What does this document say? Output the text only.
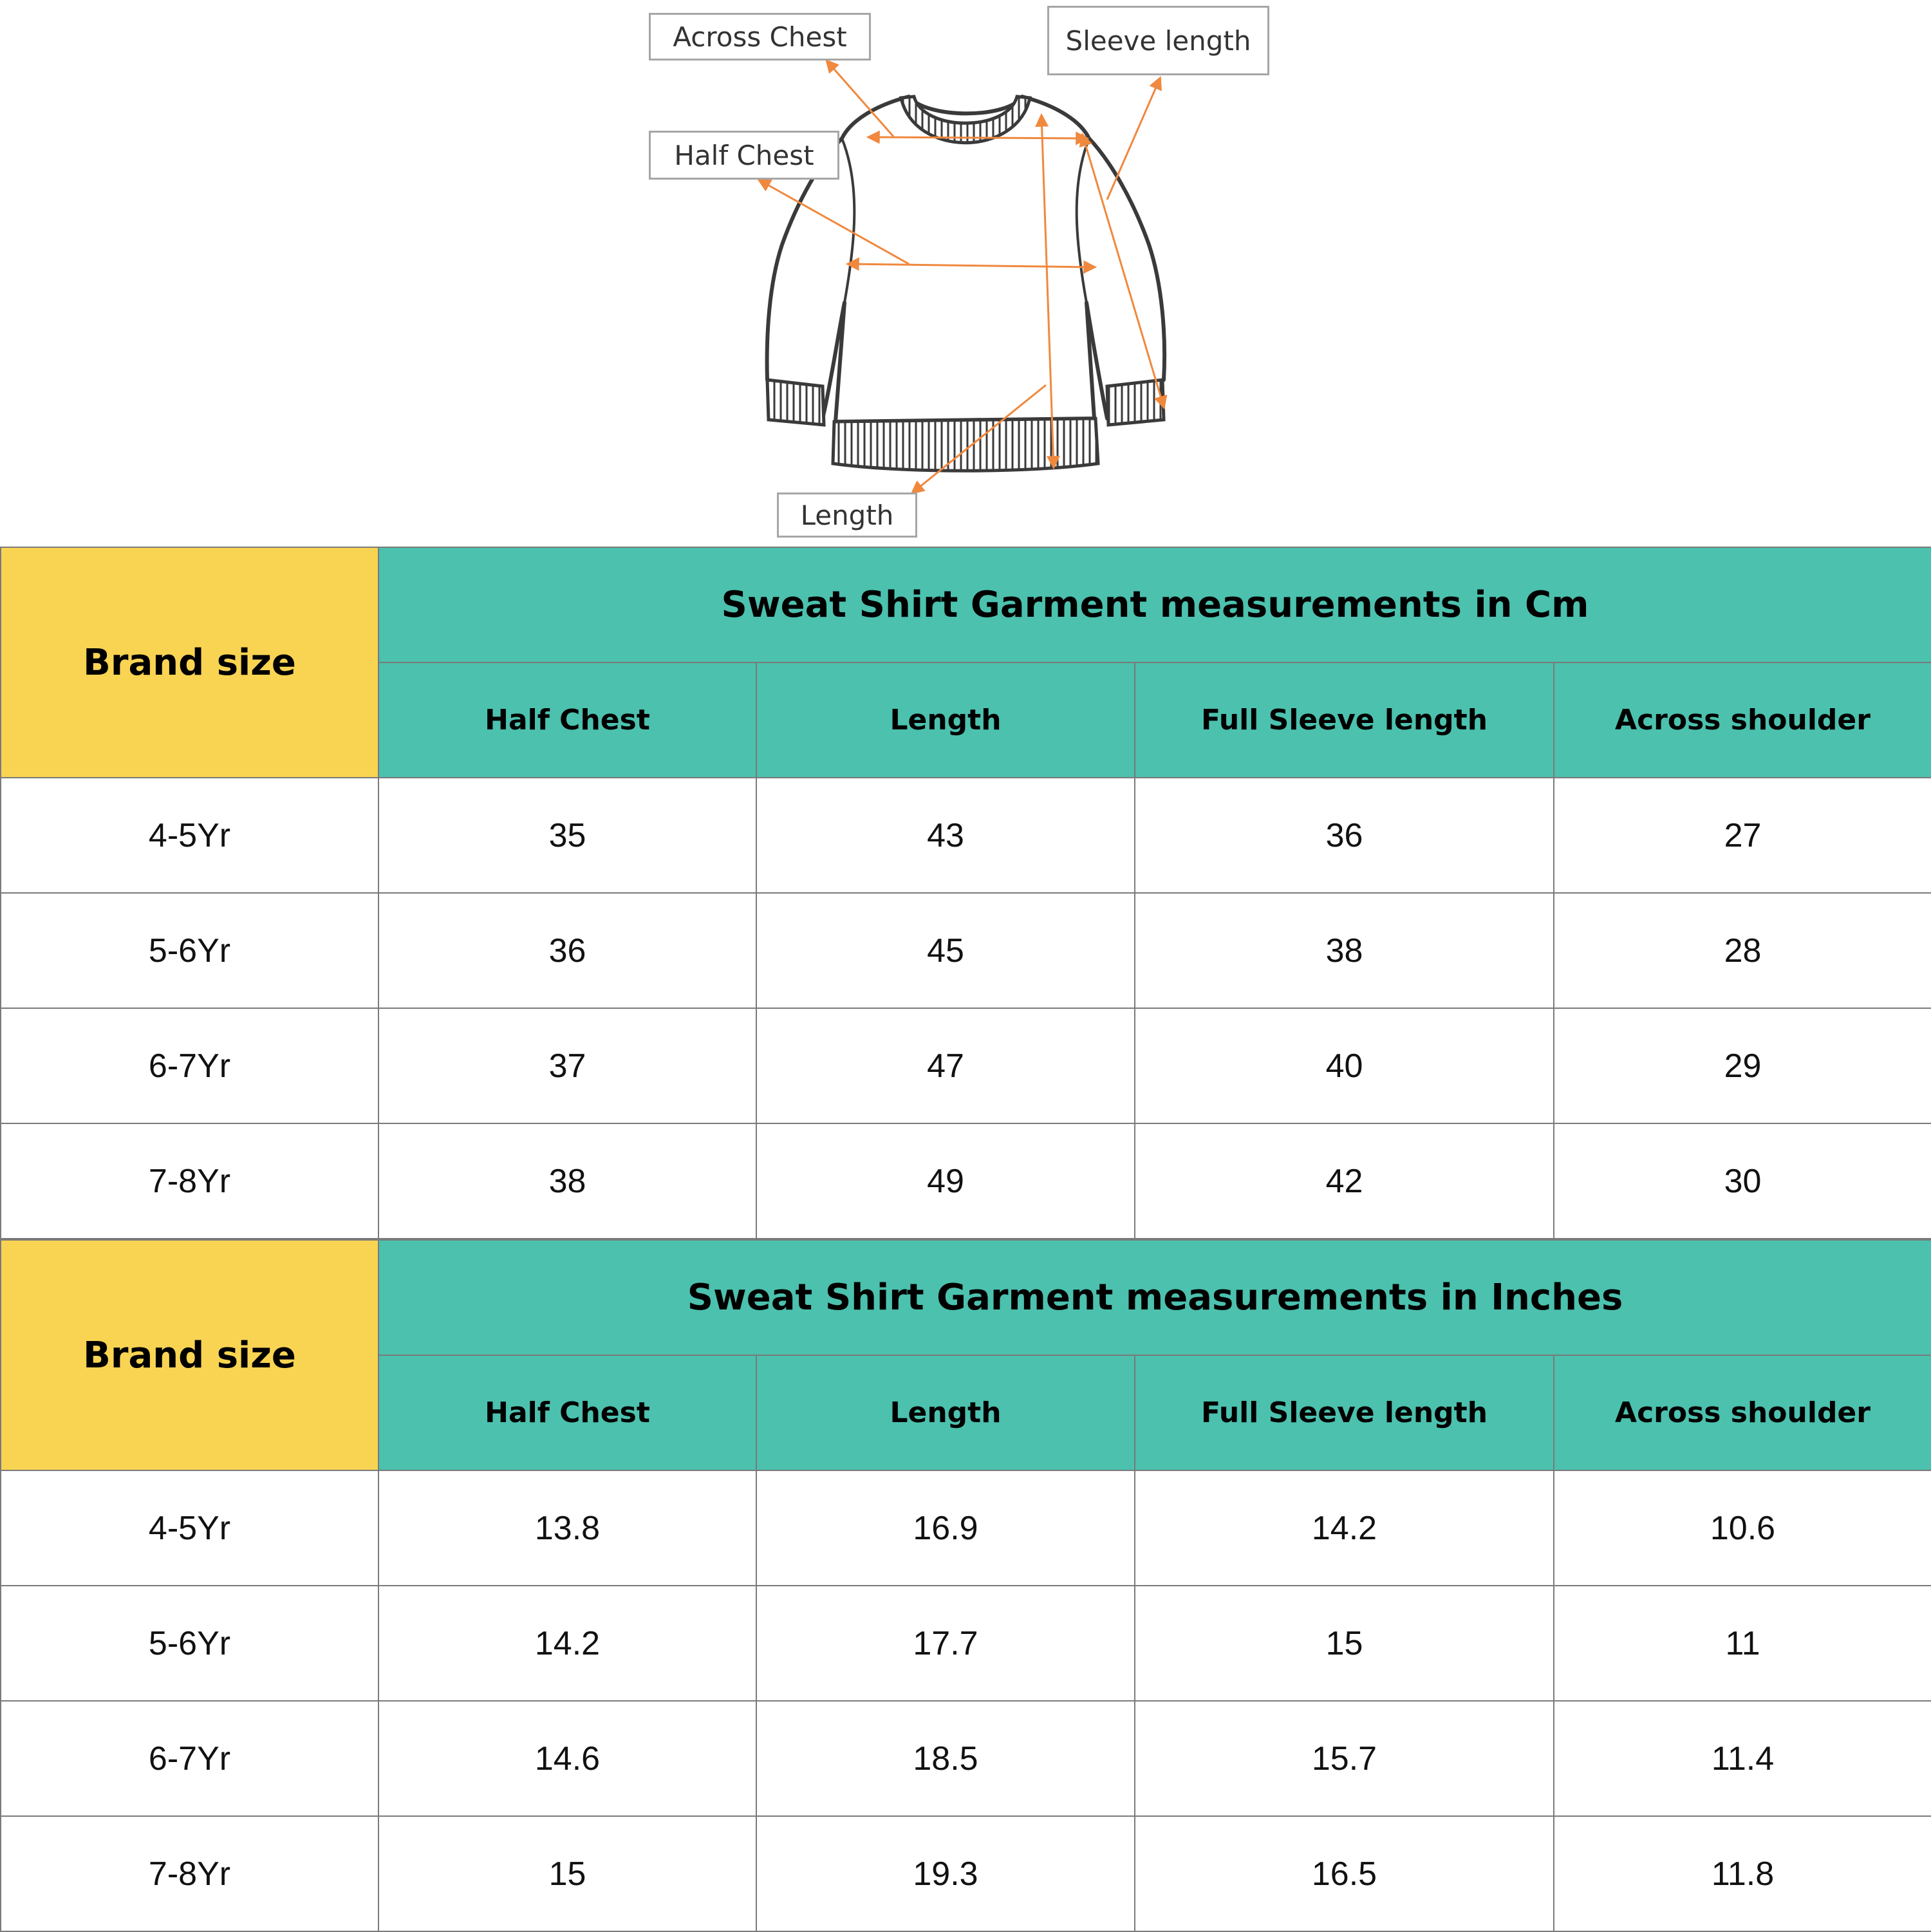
Across Chest	Sleeve length
Half Chest
Length
Brand size	Sweat Shirt Garment measurements in Cm			
	Half Chest	Length	Full Sleeve length	Across shoulder
4-5Yr	35	43	36	27
5-6Yr	36	45	38	28
6-7Yr	37	47	40	29
7-8Yr	38	49	42	30
Brand size	Sweat Shirt Garment measurements in Inches			
	Half Chest	Length	Full Sleeve length	Across shoulder
4-5Yr	13.8	16.9	14.2	10.6
5-6Yr	14.2	17.7	15	11
6-7Yr	14.6	18.5	15.7	11.4
7-8Yr	15	19.3	16.5	11.8
